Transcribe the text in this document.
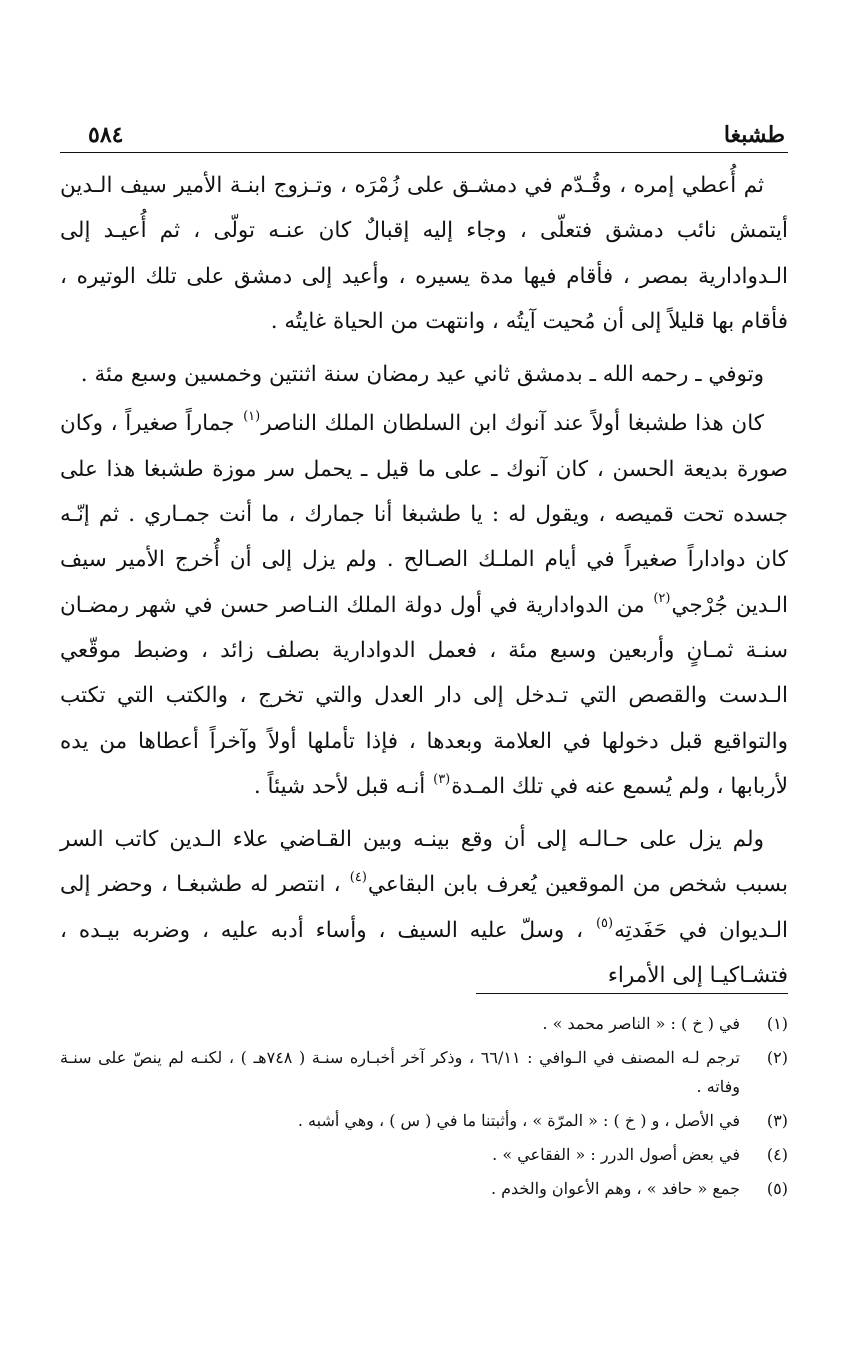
طشبغا
٥٨٤

ثم أُعطي إمره ، وقُـدّم في دمشـق على زُمْرَه ، وتـزوج ابنـة الأمير سيف الـدين أيتمش نائب دمشق فتعلّى ، وجاء إليه إقبالٌ كان عنـه تولّى ، ثم أُعيـد إلى الـدوادارية بمصر ، فأقام فيها مدة يسيره ، وأعيد إلى دمشق على تلك الوتيره ، فأقام بها قليلاً إلى أن مُحيت آيتُه ، وانتهت من الحياة غايتُه .

وتوفي ـ رحمه الله ـ بدمشق ثاني عيد رمضان سنة اثنتين وخمسين وسبع مئة .

كان هذا طشبغا أولاً عند آنوك ابن السلطان الملك الناصر$^{(١)}$ جماراً صغيراً ، وكان صورة بديعة الحسن ، كان آنوك ـ على ما قيل ـ يحمل سر موزة طشبغا هذا على جسده تحت قميصه ، ويقول له : يا طشبغا أنا جمارك ، ما أنت جمـاري . ثم إنّـه كان دواداراً صغيراً في أيام الملـك الصـالح . ولم يزل إلى أن أُخرج الأمير سيف الـدين جُرْجي$^{(٢)}$ من الدوادارية في أول دولة الملك النـاصر حسن في شهر رمضـان سنـة ثمـانٍ وأربعين وسبع مئة ، فعمل الدوادارية بصلف زائد ، وضبط موقّعي الـدست والقصص التي تـدخل إلى دار العدل والتي تخرج ، والكتب التي تكتب والتواقيع قبل دخولها في العلامة وبعدها ، فإذا تأملها أولاً وآخراً أعطاها من يده لأربابها ، ولم يُسمع عنه في تلك المـدة$^{(٣)}$ أنـه قبل لأحد شيئاً .

ولم يزل على حـالـه إلى أن وقع بينـه وبين القـاضي علاء الـدين كاتب السر بسبب شخص من الموقعين يُعرف بابن البقاعي$^{(٤)}$ ، انتصر له طشبغـا ، وحضر إلى الـديوان في حَفَدتِه$^{(٥)}$ ، وسلّ عليه السيف ، وأساء أدبه عليه ، وضربه بيـده ، فتشـاكيـا إلى الأمراء

(١)
في ( خ ) : « الناصر محمد » .
(٢)
ترجم لـه المصنف في الـوافي : ٦٦/١١ ، وذكر آخر أخبـاره سنـة ( ٧٤٨هـ ) ، لكنـه لم ينصّ على سنـة وفاته .
(٣)
في الأصل ، و ( خ ) : « المرّة » ، وأثبتنا ما في ( س ) ، وهي أشبه .
(٤)
في بعض أصول الدرر : « الفقاعي » .
(٥)
جمع « حافد » ، وهم الأعوان والخدم .
